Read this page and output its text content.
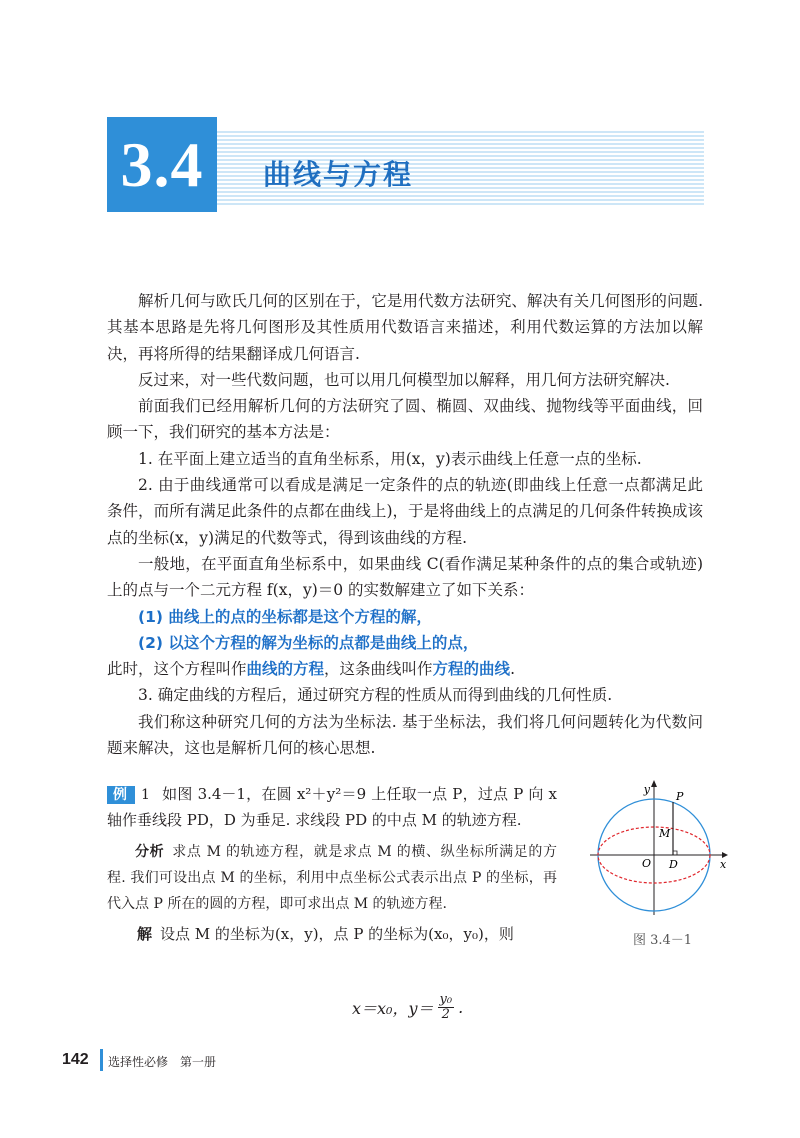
3.4 曲线与方程

解析几何与欧氏几何的区别在于，它是用代数方法研究、解决有关几何图形的问题. 其基本思路是先将几何图形及其性质用代数语言来描述，利用代数运算的方法加以解决，再将所得的结果翻译成几何语言.

反过来，对一些代数问题，也可以用几何模型加以解释，用几何方法研究解决.

前面我们已经用解析几何的方法研究了圆、椭圆、双曲线、抛物线等平面曲线，回顾一下，我们研究的基本方法是：

1. 在平面上建立适当的直角坐标系，用(x，y)表示曲线上任意一点的坐标.

2. 由于曲线通常可以看成是满足一定条件的点的轨迹(即曲线上任意一点都满足此条件，而所有满足此条件的点都在曲线上)，于是将曲线上的点满足的几何条件转换成该点的坐标(x，y)满足的代数等式，得到该曲线的方程.

一般地，在平面直角坐标系中，如果曲线 C(看作满足某种条件的点的集合或轨迹)上的点与一个二元方程 f(x，y)＝0 的实数解建立了如下关系：

(1) 曲线上的点的坐标都是这个方程的解，

(2) 以这个方程的解为坐标的点都是曲线上的点，

此时，这个方程叫作曲线的方程，这条曲线叫作方程的曲线.

3. 确定曲线的方程后，通过研究方程的性质从而得到曲线的几何性质.

我们称这种研究几何的方法为坐标法. 基于坐标法，我们将几何问题转化为代数问题来解决，这也是解析几何的核心思想.

例 1 如图 3.4－1，在圆 x²＋y²＝9 上任取一点 P，过点 P 向 x 轴作垂线段 PD，D 为垂足. 求线段 PD 的中点 M 的轨迹方程.

分析 求点 M 的轨迹方程，就是求点 M 的横、纵坐标所满足的方程. 我们可设出点 M 的坐标，利用中点坐标公式表示出点 P 的坐标，再代入点 P 所在的圆的方程，即可求出点 M 的轨迹方程.

解 设点 M 的坐标为(x，y)，点 P 的坐标为(x₀，y₀)，则

x＝x₀，$y= \frac{\text{y₀}}{2}$ .
y
x
O
P
M
D
图 3.4－1
142 选择性必修　第一册
